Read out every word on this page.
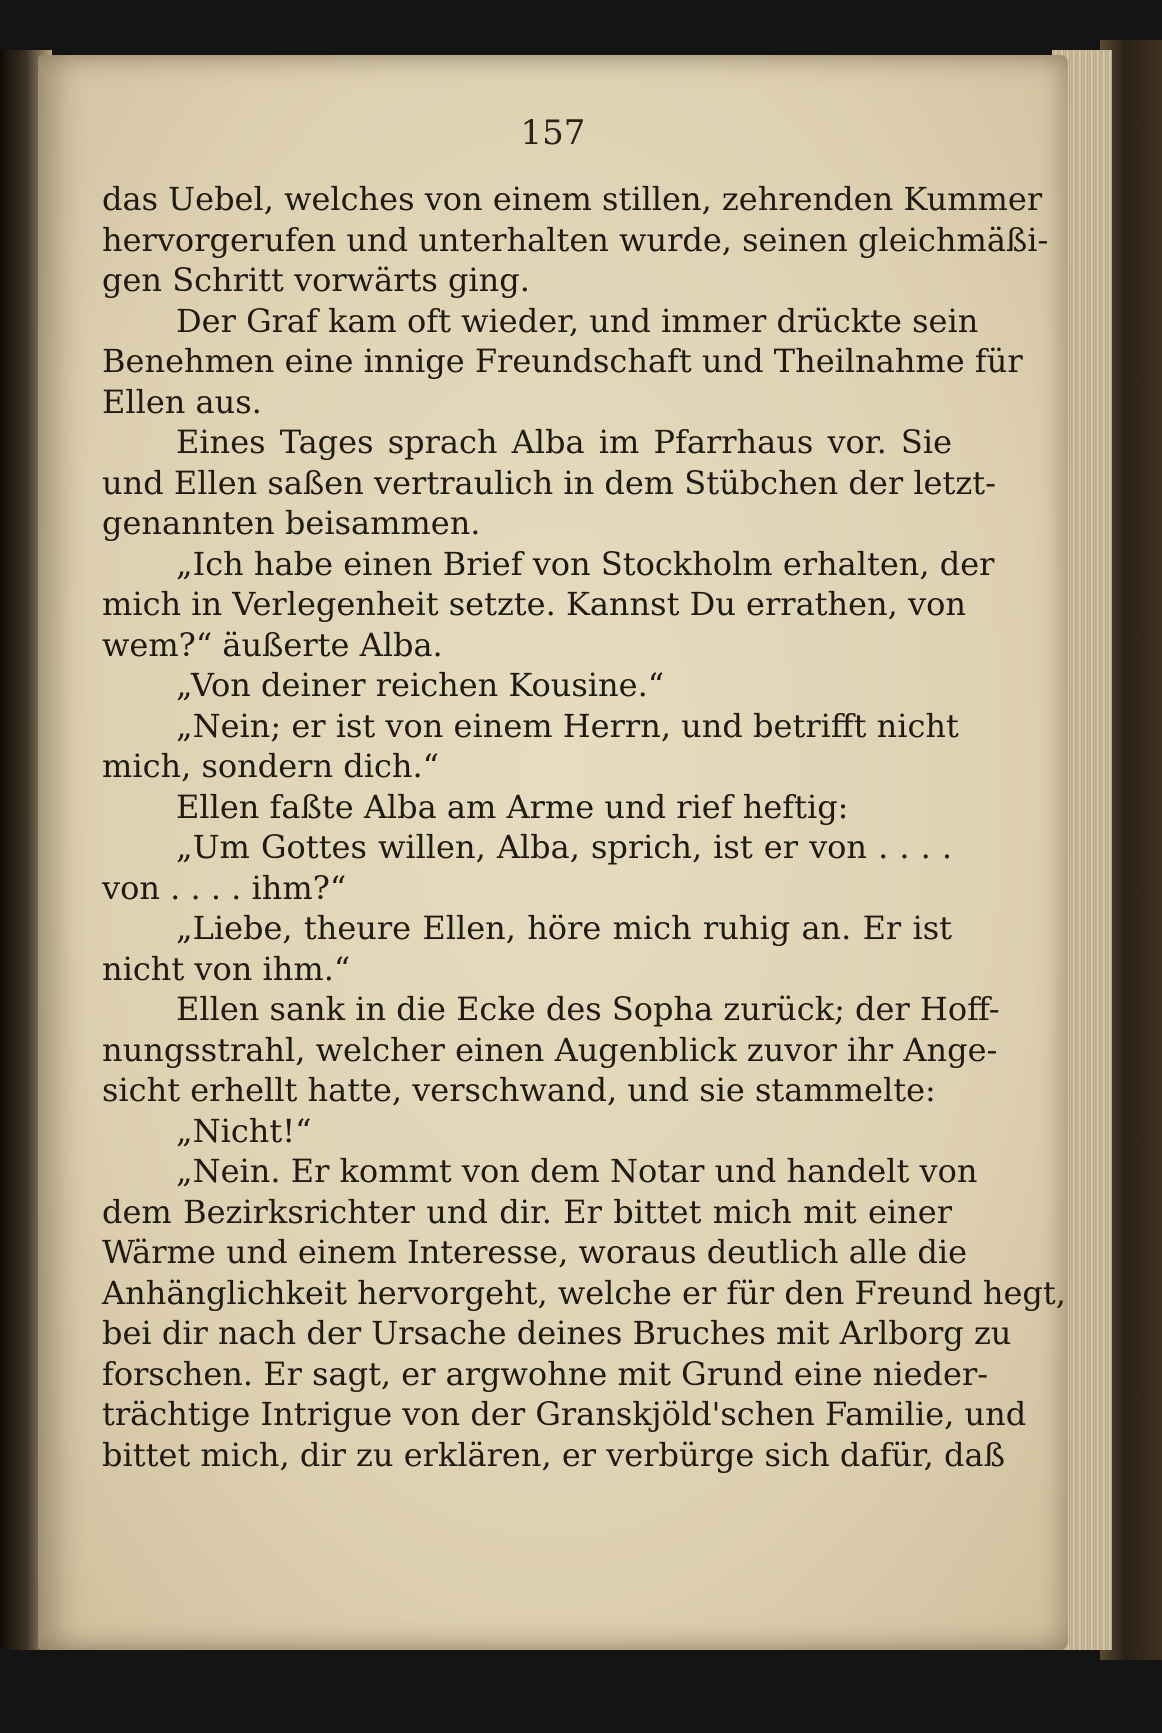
157
das Uebel, welches von einem stillen, zehrenden Kummer
hervorgerufen und unterhalten wurde, seinen gleichmäßi-
gen Schritt vorwärts ging.
Der Graf kam oft wieder, und immer drückte sein
Benehmen eine innige Freundschaft und Theilnahme für
Ellen aus.
Eines Tages sprach Alba im Pfarrhaus vor. Sie
und Ellen saßen vertraulich in dem Stübchen der letzt-
genannten beisammen.
„Ich habe einen Brief von Stockholm erhalten, der
mich in Verlegenheit setzte. Kannst Du errathen, von
wem?“ äußerte Alba.
„Von deiner reichen Kousine.“
„Nein; er ist von einem Herrn, und betrifft nicht
mich, sondern dich.“
Ellen faßte Alba am Arme und rief heftig:
„Um Gottes willen, Alba, sprich, ist er von . . . .
von . . . . ihm?“
„Liebe, theure Ellen, höre mich ruhig an. Er ist
nicht von ihm.“
Ellen sank in die Ecke des Sopha zurück; der Hoff-
nungsstrahl, welcher einen Augenblick zuvor ihr Ange-
sicht erhellt hatte, verschwand, und sie stammelte:
„Nicht!“
„Nein. Er kommt von dem Notar und handelt von
dem Bezirksrichter und dir. Er bittet mich mit einer
Wärme und einem Interesse, woraus deutlich alle die
Anhänglichkeit hervorgeht, welche er für den Freund hegt,
bei dir nach der Ursache deines Bruches mit Arlborg zu
forschen. Er sagt, er argwohne mit Grund eine nieder-
trächtige Intrigue von der Granskjöld'schen Familie, und
bittet mich, dir zu erklären, er verbürge sich dafür, daß
